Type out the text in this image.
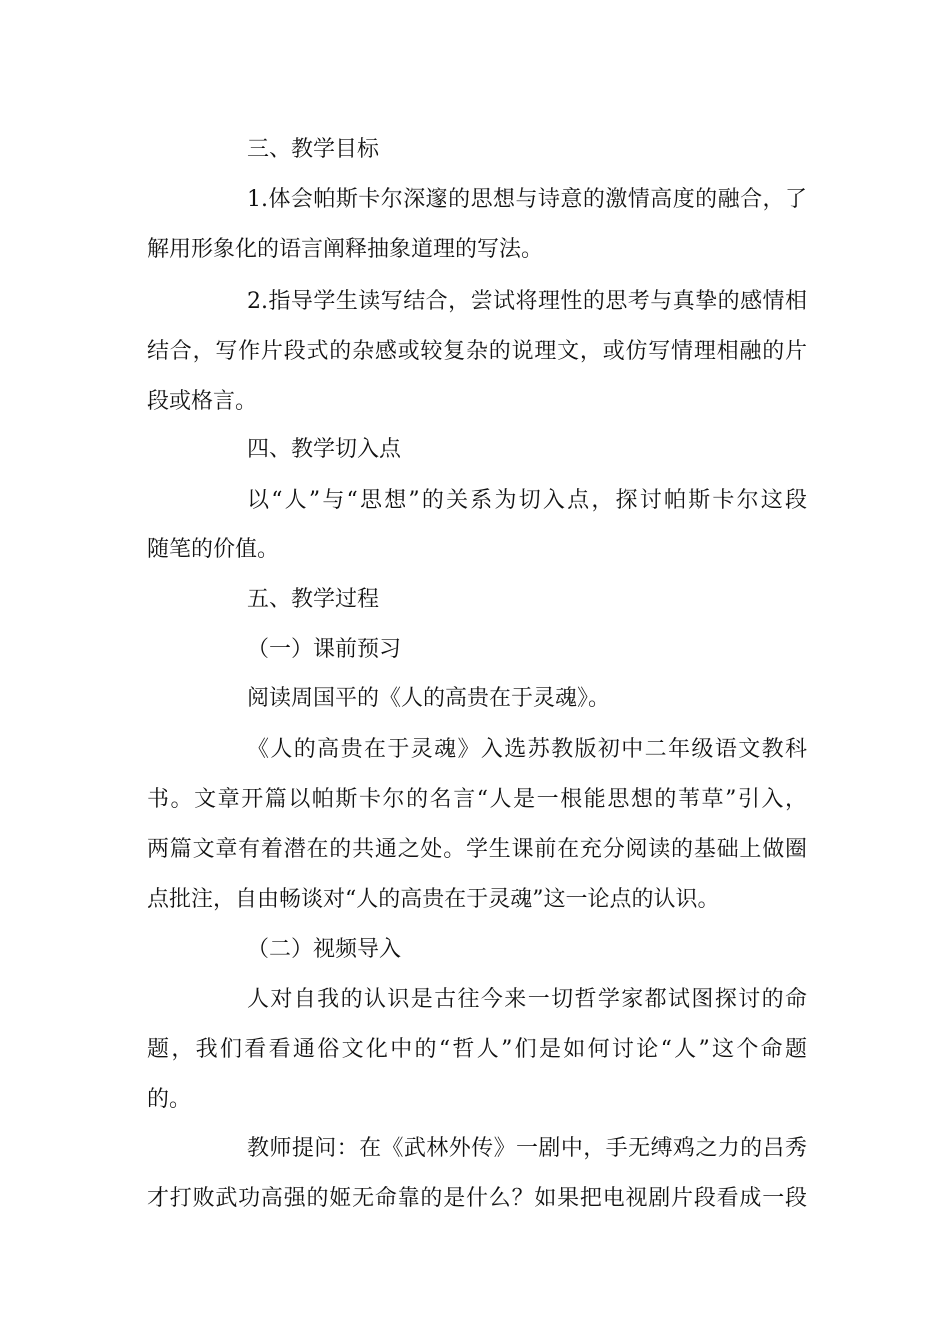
三、教学目标
1.体会帕斯卡尔深邃的思想与诗意的激情高度的融合，了
解用形象化的语言阐释抽象道理的写法。
2.指导学生读写结合，尝试将理性的思考与真挚的感情相
结合，写作片段式的杂感或较复杂的说理文，或仿写情理相融的片
段或格言。
四、教学切入点
以“人”与“思想”的关系为切入点，探讨帕斯卡尔这段
随笔的价值。
五、教学过程
（一）课前预习
阅读周国平的《人的高贵在于灵魂》。
《人的高贵在于灵魂》入选苏教版初中二年级语文教科
书。文章开篇以帕斯卡尔的名言“人是一根能思想的苇草”引入，
两篇文章有着潜在的共通之处。学生课前在充分阅读的基础上做圈
点批注，自由畅谈对“人的高贵在于灵魂”这一论点的认识。
（二）视频导入
人对自我的认识是古往今来一切哲学家都试图探讨的命
题，我们看看通俗文化中的“哲人”们是如何讨论“人”这个命题
的。
教师提问：在《武林外传》一剧中，手无缚鸡之力的吕秀
才打败武功高强的姬无命靠的是什么？如果把电视剧片段看成一段
